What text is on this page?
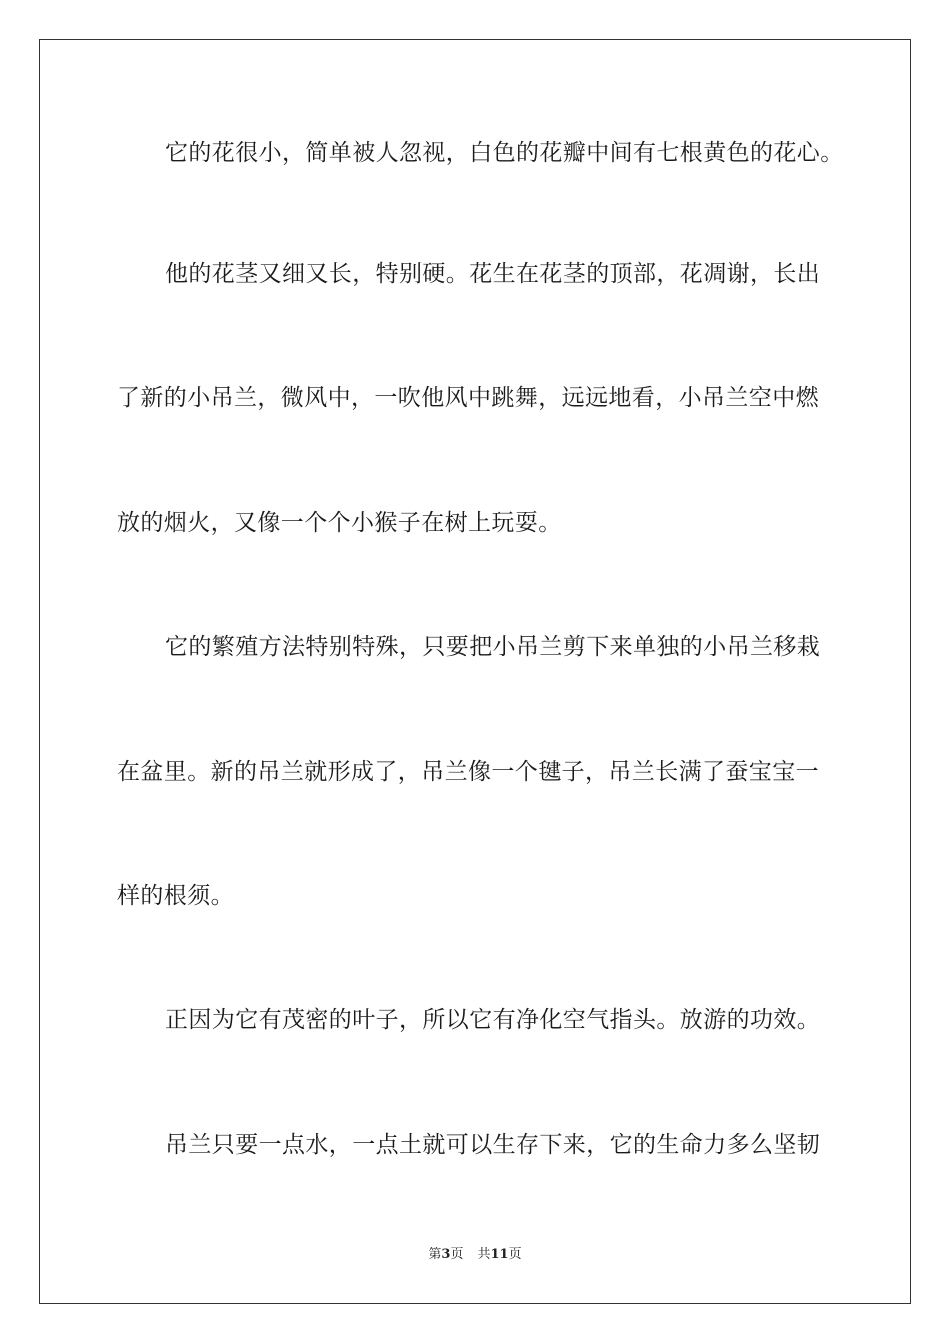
它的花很小，简单被人忽视，白色的花瓣中间有七根黄色的花心。
他的花茎又细又长，特别硬。花生在花茎的顶部，花凋谢，长出
了新的小吊兰，微风中，一吹他风中跳舞，远远地看，小吊兰空中燃
放的烟火，又像一个个小猴子在树上玩耍。
它的繁殖方法特别特殊，只要把小吊兰剪下来单独的小吊兰移栽
在盆里。新的吊兰就形成了，吊兰像一个毽子，吊兰长满了蚕宝宝一
样的根须。
正因为它有茂密的叶子，所以它有净化空气指头。放游的功效。
吊兰只要一点水，一点土就可以生存下来，它的生命力多么坚韧
第3页 共11页
